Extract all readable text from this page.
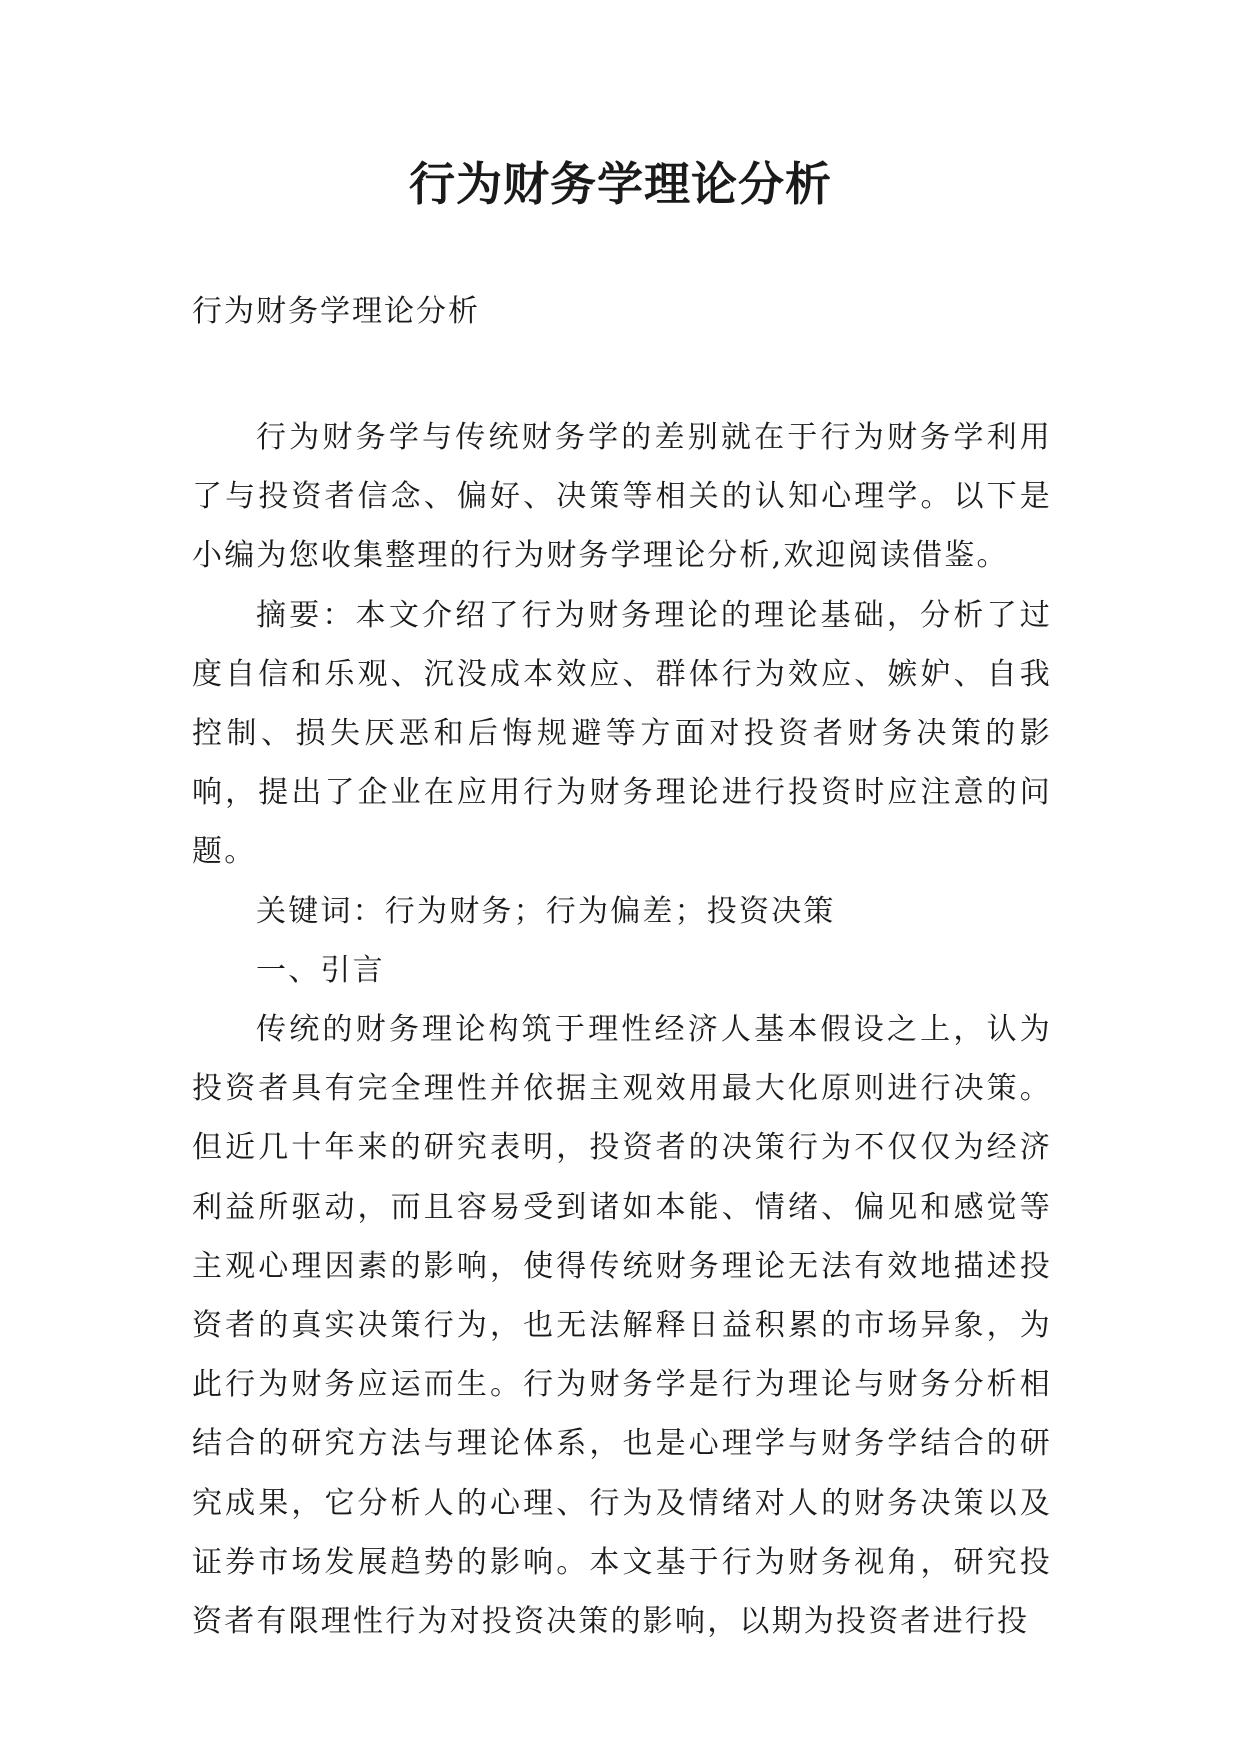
行为财务学理论分析

行为财务学理论分析

行为财务学与传统财务学的差别就在于行为财务学利用了与投资者信念、偏好、决策等相关的认知心理学。以下是小编为您收集整理的行为财务学理论分析,欢迎阅读借鉴。

摘要：本文介绍了行为财务理论的理论基础，分析了过度自信和乐观、沉没成本效应、群体行为效应、嫉妒、自我控制、损失厌恶和后悔规避等方面对投资者财务决策的影响，提出了企业在应用行为财务理论进行投资时应注意的问题。

关键词：行为财务；行为偏差；投资决策

一、引言

传统的财务理论构筑于理性经济人基本假设之上，认为投资者具有完全理性并依据主观效用最大化原则进行决策。但近几十年来的研究表明，投资者的决策行为不仅仅为经济利益所驱动，而且容易受到诸如本能、情绪、偏见和感觉等主观心理因素的影响，使得传统财务理论无法有效地描述投资者的真实决策行为，也无法解释日益积累的市场异象，为此行为财务应运而生。行为财务学是行为理论与财务分析相结合的研究方法与理论体系，也是心理学与财务学结合的研究成果，它分析人的心理、行为及情绪对人的财务决策以及证券市场发展趋势的影响。本文基于行为财务视角，研究投资者有限理性行为对投资决策的影响，以期为投资者进行投
